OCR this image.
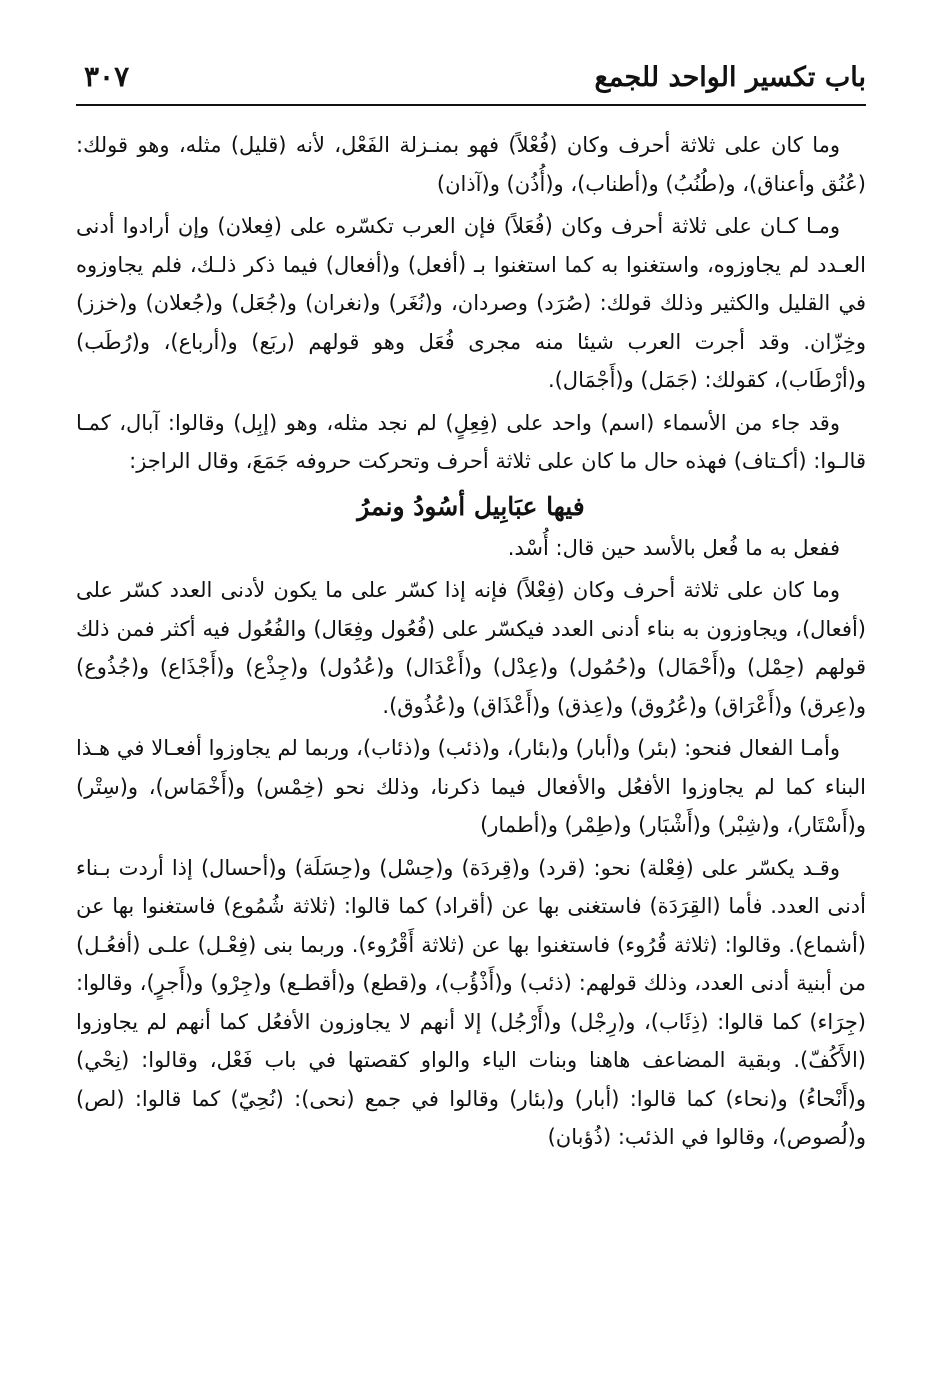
باب تكسير الواحد للجمع
٣٠٧

وما كان على ثلاثة أحرف وكان (فُعْلاً) فهو بمنـزلة الفَعْل، لأنه (قليل) مثله، وهو قولك: (عُنُق وأعناق)، و(طُنُبُ) و(أطناب)، و(أُذُن) و(آذان)

ومـا كـان على ثلاثة أحرف وكان (فُعَلاً) فإن العرب تكسّره على (فِعلان) وإن أرادوا أدنى العـدد لم يجاوزوه، واستغنوا به كما استغنوا بـ (أفعل) و(أفعال) فيما ذكر ذلـك، فلم يجاوزوه في القليل والكثير وذلك قولك: (صُرَد) وصردان، و(نُغَر) و(نغران) و(جُعَل) و(جُعلان) و(خزز) وخِزّان. وقد أجرت العرب شيئا منه مجرى فُعَل وهو قولهم (ربَع) و(أرباع)، و(رُطَب) و(أرْطَاب)، كقولك: (جَمَل) و(أَجْمَال).

وقد جاء من الأسماء (اسم) واحد على (فِعِلٍ) لم نجد مثله، وهو (إبِل) وقالوا: آبال، كمـا قالـوا: (أكـتاف) فهذه حال ما كان على ثلاثة أحرف وتحركت حروفه جَمَعَ، وقال الراجز:

فيها عبَابِيل أسُودُ ونمرُ

ففعل به ما فُعل بالأسد حين قال: أُسْد.

وما كان على ثلاثة أحرف وكان (فِعْلاً) فإنه إذا كسّر على ما يكون لأدنى العدد كسّر على (أفعال)، ويجاوزون به بناء أدنى العدد فيكسّر على (فُعُول وفِعَال) والفُعُول فيه أكثر فمن ذلك قولهم (حِمْل) و(أَحْمَال) و(حُمُول) و(عِدْل) و(أَعْدَال) و(عُدُول) و(جِذْع) و(أَجْذَاع) و(جُذُوع) و(عِرق) و(أَعْرَاق) و(عُرُوق) و(عِذق) و(أَعْذَاق) و(عُذُوق).

وأمـا الفعال فنحو: (بئر) و(أبار) و(بئار)، و(ذئب) و(ذئاب)، وربما لم يجاوزوا أفعـالا في هـذا البناء كما لم يجاوزوا الأفعُل والأفعال فيما ذكرنا، وذلك نحو (خِمْس) و(أَخْمَاس)، و(سِتْر) و(أَسْتَار)، و(شِبْر) و(أَشْبَار) و(طِمْر) و(أطمار)

وقـد يكسّر على (فِعْلة) نحو: (قرد) و(قِردَة) و(حِسْل) و(حِسَلَة) و(أحسال) إذا أردت بـناء أدنى العدد. فأما (القِرَدَة) فاستغنى بها عن (أقراد) كما قالوا: (ثلاثة شُمُوع) فاستغنوا بها عن (أشماع). وقالوا: (ثلاثة قُرُوء) فاستغنوا بها عن (ثلاثة أَقْرُوء). وربما بنى (فِعْـل) علـى (أفعُـل) من أبنية أدنى العدد، وذلك قولهم: (ذئب) و(أَذْؤُب)، و(قطع) و(أقطـع) و(جِرْو) و(أَجرٍ)، وقالوا: (جِرَاء) كما قالوا: (ذِئَاب)، و(رِجْل) و(أَرْجُل) إلا أنهم لا يجاوزون الأفعُل كما أنهم لم يجاوزوا (الأَكُفّ). وبقية المضاعف هاهنا وبنات الياء والواو كقصتها في باب فَعْل، وقالوا: (نِحْي) و(أَنْحاءُ) و(نحاء) كما قالوا: (أبار) و(بئار) وقالوا في جمع (نحى): (نُحِيّ) كما قالوا: (لص) و(لُصوص)، وقالوا في الذئب: (ذُؤبان)
